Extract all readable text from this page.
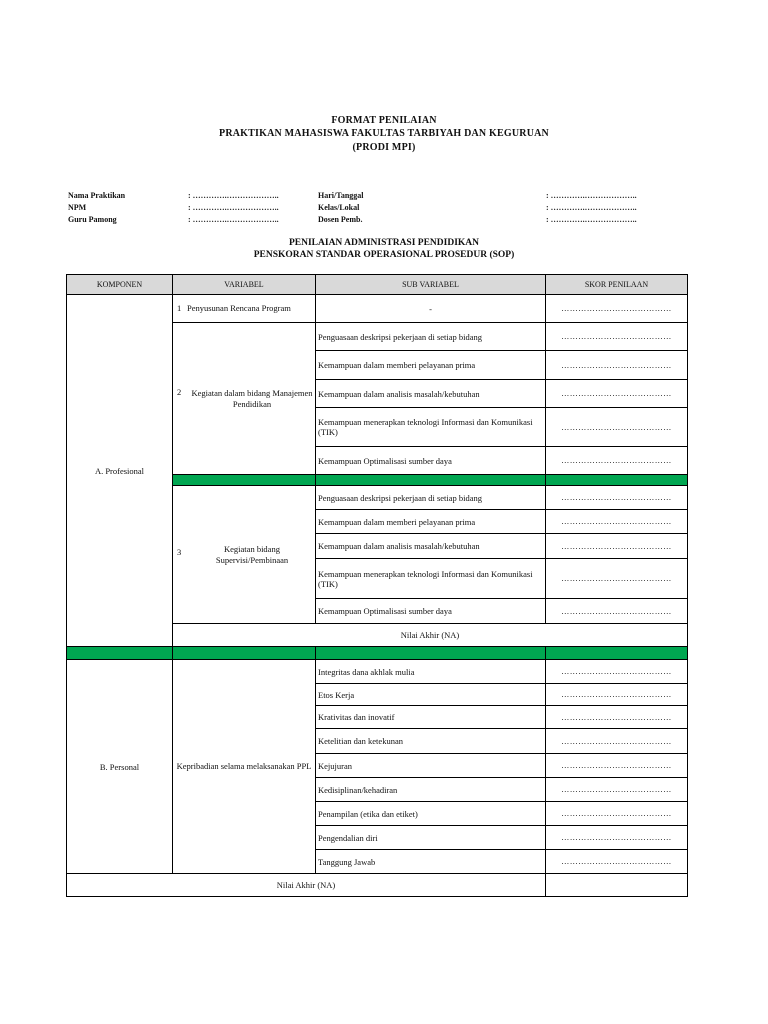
FORMAT PENILAIAN
PRAKTIKAN MAHASISWA FAKULTAS TARBIYAH DAN KEGURUAN
(PRODI MPI)
Nama Praktikan	: ………….………………..
NPM	: ………….………………..
Guru Pamong	: ………….………………..
Hari/Tanggal	: ………….………………..
Kelas/Lokal	: ………….………………..
Dosen Pemb.	: ………….………………..
PENILAIAN ADMINISTRASI PENDIDIKAN
PENSKORAN STANDAR OPERASIONAL PROSEDUR (SOP)
KOMPONEN	VARIABEL	SUB VARIABEL	SKOR PENILAAN	
A. Profesional	1 Penyusunan Rencana Program	-	…………………………………	

	2 Kegiatan dalam bidang Manajemen Pendidikan	Penguasaan deskripsi pekerjaan di setiap bidang	…………………………………	
		Kemampuan dalam memberi pelayanan prima	…………………………………	
		Kemampuan dalam analisis masalah/kebutuhan	…………………………………	
		Kemampuan menerapkan teknologi Informasi dan Komunikasi (TIK)	…………………………………	
		Kemampuan Optimalisasi sumber daya	…………………………………	

	3 Kegiatan bidang Supervisi/Pembinaan	Penguasaan deskripsi pekerjaan di setiap bidang	…………………………………	
		Kemampuan dalam memberi pelayanan prima	…………………………………	
		Kemampuan dalam analisis masalah/kebutuhan	…………………………………	
		Kemampuan menerapkan teknologi Informasi dan Komunikasi (TIK)	…………………………………	
		Kemampuan Optimalisasi sumber daya	…………………………………	
	Nilai Akhir (NA)			

B. Personal	Kepribadian selama melaksanakan PPL	Integritas dana akhlak mulia	…………………………………	
		Etos Kerja	…………………………………	
		Krativitas dan inovatif	…………………………………	
		Ketelitian dan ketekunan	…………………………………	
		Kejujuran	…………………………………	
		Kedisiplinan/kehadiran	…………………………………	
		Penampilan (etika dan etiket)	…………………………………	
		Pengendalian diri	…………………………………	
		Tanggung Jawab	…………………………………	
Nilai Akhir (NA)				
